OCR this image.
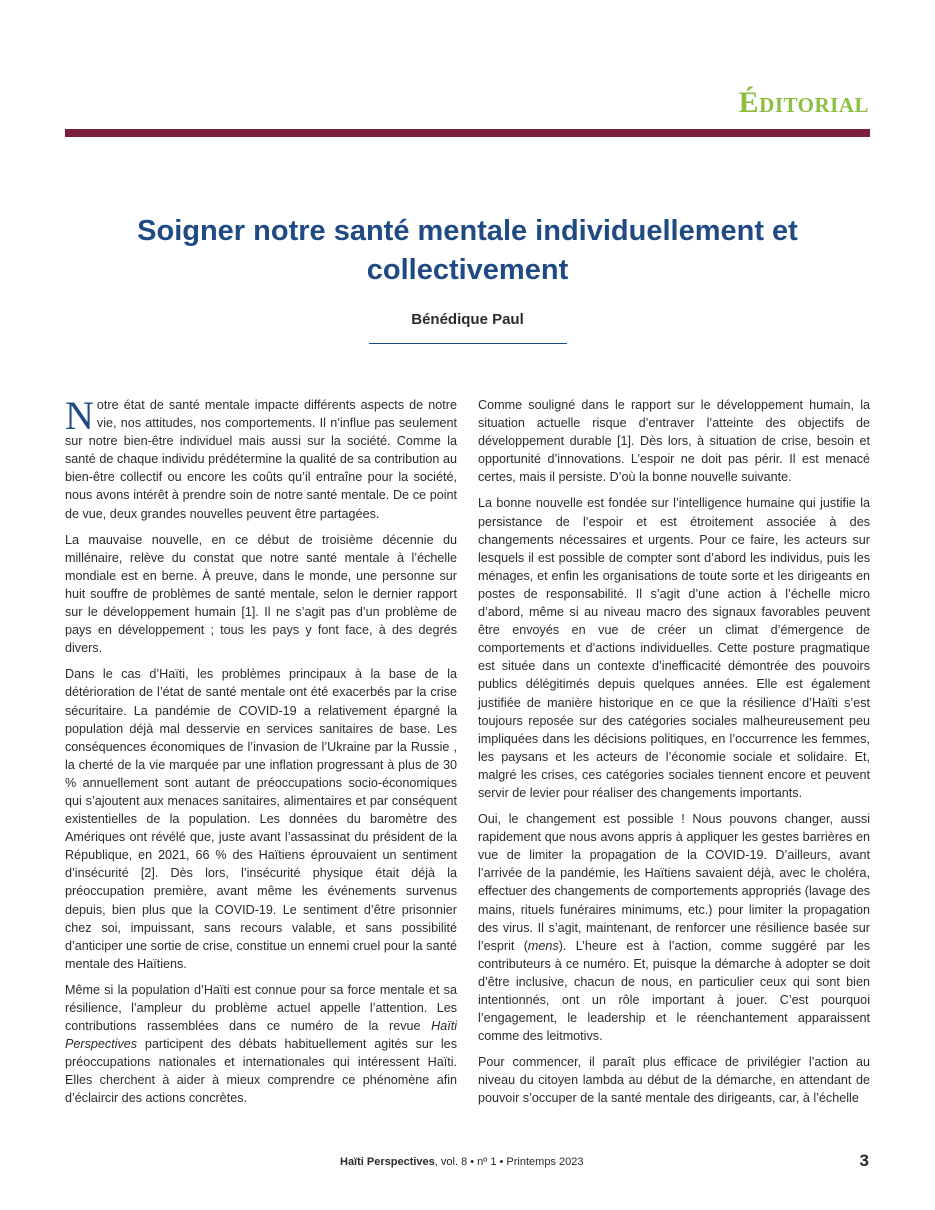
Éditorial
Soigner notre santé mentale individuellement et collectivement
Bénédique Paul

Notre état de santé mentale impacte différents aspects de notre vie, nos attitudes, nos comportements. Il n’influe pas seulement sur notre bien-être individuel mais aussi sur la société. Comme la santé de chaque individu prédétermine la qualité de sa contribution au bien-être collectif ou encore les coûts qu’il entraîne pour la société, nous avons intérêt à prendre soin de notre santé mentale. De ce point de vue, deux grandes nouvelles peuvent être partagées.

La mauvaise nouvelle, en ce début de troisième décennie du millénaire, relève du constat que notre santé mentale à l’échelle mondiale est en berne. À preuve, dans le monde, une personne sur huit souffre de problèmes de santé mentale, selon le dernier rapport sur le développement humain [1]. Il ne s’agit pas d’un problème de pays en développement ; tous les pays y font face, à des degrés divers.

Dans le cas d’Haïti, les problèmes principaux à la base de la détérioration de l’état de santé mentale ont été exacerbés par la crise sécuritaire. La pandémie de COVID-19 a relativement épargné la population déjà mal desservie en services sanitaires de base. Les conséquences économiques de l’invasion de l’Ukraine par la Russie , la cherté de la vie marquée par une inflation progressant à plus de 30 % annuellement sont autant de préoccupations socio-économiques qui s’ajoutent aux menaces sanitaires, alimentaires et par conséquent existentielles de la population. Les données du baromètre des Amériques ont révélé que, juste avant l’assassinat du président de la République, en 2021, 66 % des Haïtiens éprouvaient un sentiment d’insécurité [2]. Dès lors, l’insécurité physique était déjà la préoccupation première, avant même les événements survenus depuis, bien plus que la COVID-19. Le sentiment d’être prisonnier chez soi, impuissant, sans recours valable, et sans possibilité d’anticiper une sortie de crise, constitue un ennemi cruel pour la santé mentale des Haïtiens.

Même si la population d’Haïti est connue pour sa force mentale et sa résilience, l’ampleur du problème actuel appelle l’attention. Les contributions rassemblées dans ce numéro de la revue Haïti Perspectives participent des débats habituellement agités sur les préoccupations nationales et internationales qui intéressent Haïti. Elles cherchent à aider à mieux comprendre ce phénomène afin d’éclaircir des actions concrètes.

Comme souligné dans le rapport sur le développement humain, la situation actuelle risque d’entraver l’atteinte des objectifs de développement durable [1]. Dès lors, à situation de crise, besoin et opportunité d’innovations. L’espoir ne doit pas périr. Il est menacé certes, mais il persiste. D’où la bonne nouvelle suivante.

La bonne nouvelle est fondée sur l’intelligence humaine qui justifie la persistance de l’espoir et est étroitement associée à des changements nécessaires et urgents. Pour ce faire, les acteurs sur lesquels il est possible de compter sont d’abord les individus, puis les ménages, et enfin les organisations de toute sorte et les dirigeants en postes de responsabilité. Il s’agit d’une action à l’échelle micro d’abord, même si au niveau macro des signaux favorables peuvent être envoyés en vue de créer un climat d’émergence de comportements et d’actions individuelles. Cette posture pragmatique est située dans un contexte d’inefficacité démontrée des pouvoirs publics délégitimés depuis quelques années. Elle est également justifiée de manière historique en ce que la résilience d’Haïti s’est toujours reposée sur des catégories sociales malheureusement peu impliquées dans les décisions politiques, en l’occurrence les femmes, les paysans et les acteurs de l’économie sociale et solidaire. Et, malgré les crises, ces catégories sociales tiennent encore et peuvent servir de levier pour réaliser des changements importants.

Oui, le changement est possible ! Nous pouvons changer, aussi rapidement que nous avons appris à appliquer les gestes barrières en vue de limiter la propagation de la COVID-19. D’ailleurs, avant l’arrivée de la pandémie, les Haïtiens savaient déjà, avec le choléra, effectuer des changements de comportements appropriés (lavage des mains, rituels funéraires minimums, etc.) pour limiter la propagation des virus. Il s’agit, maintenant, de renforcer une résilience basée sur l’esprit (mens). L’heure est à l’action, comme suggéré par les contributeurs à ce numéro. Et, puisque la démarche à adopter se doit d’être inclusive, chacun de nous, en particulier ceux qui sont bien intentionnés, ont un rôle important à jouer. C’est pourquoi l’engagement, le leadership et le réenchantement apparaissent comme des leitmotivs.

Pour commencer, il paraît plus efficace de privilégier l’action au niveau du citoyen lambda au début de la démarche, en attendant de pouvoir s’occuper de la santé mentale des dirigeants, car, à l’échelle

Haïti Perspectives, vol. 8 • nº 1 • Printemps 2023	3
